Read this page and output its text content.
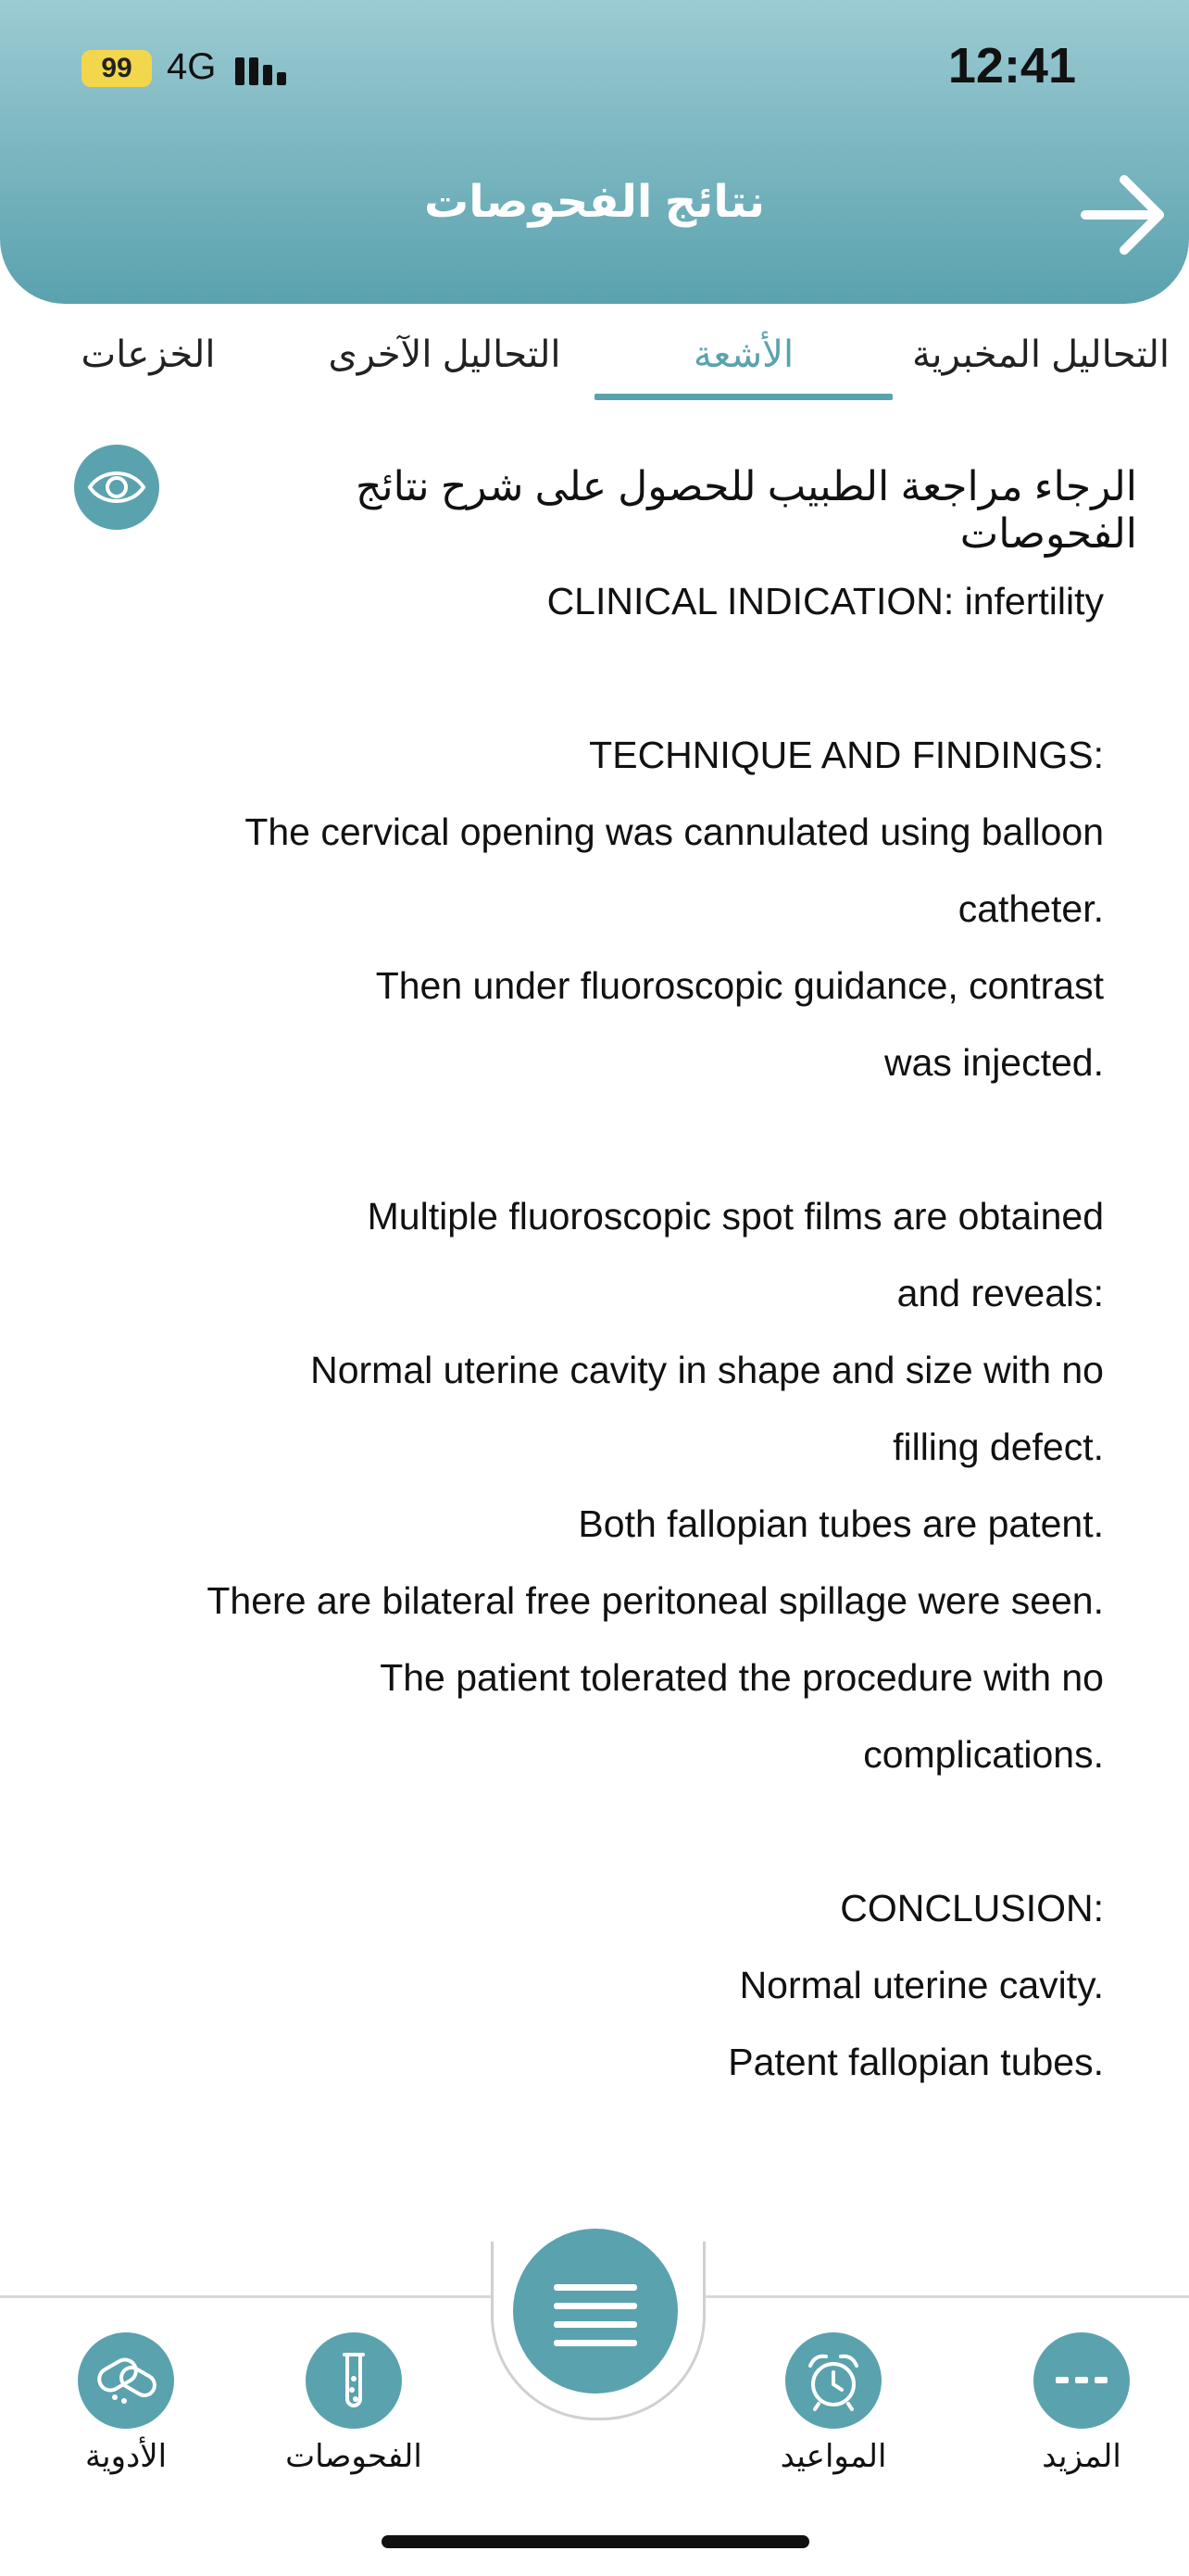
99 4G	12:41
نتائج الفحوصات
التحاليل المخبرية
الأشعة
التحاليل الآخرى
الخزعات
الرجاء مراجعة الطبيب للحصول على شرح نتائج الفحوصات
CLINICAL INDICATION: infertility

TECHNIQUE AND FINDINGS:
The cervical opening was cannulated using balloon
catheter.
Then under fluoroscopic guidance, contrast
was injected.

Multiple fluoroscopic spot films are obtained
and reveals:
Normal uterine cavity in shape and size with no
filling defect.
Both fallopian tubes are patent.
There are bilateral free peritoneal spillage were seen.
The patient tolerated the procedure with no
complications.

CONCLUSION:
Normal uterine cavity.
Patent fallopian tubes.
الأدوية	الفحوصات	المواعيد	المزيد
